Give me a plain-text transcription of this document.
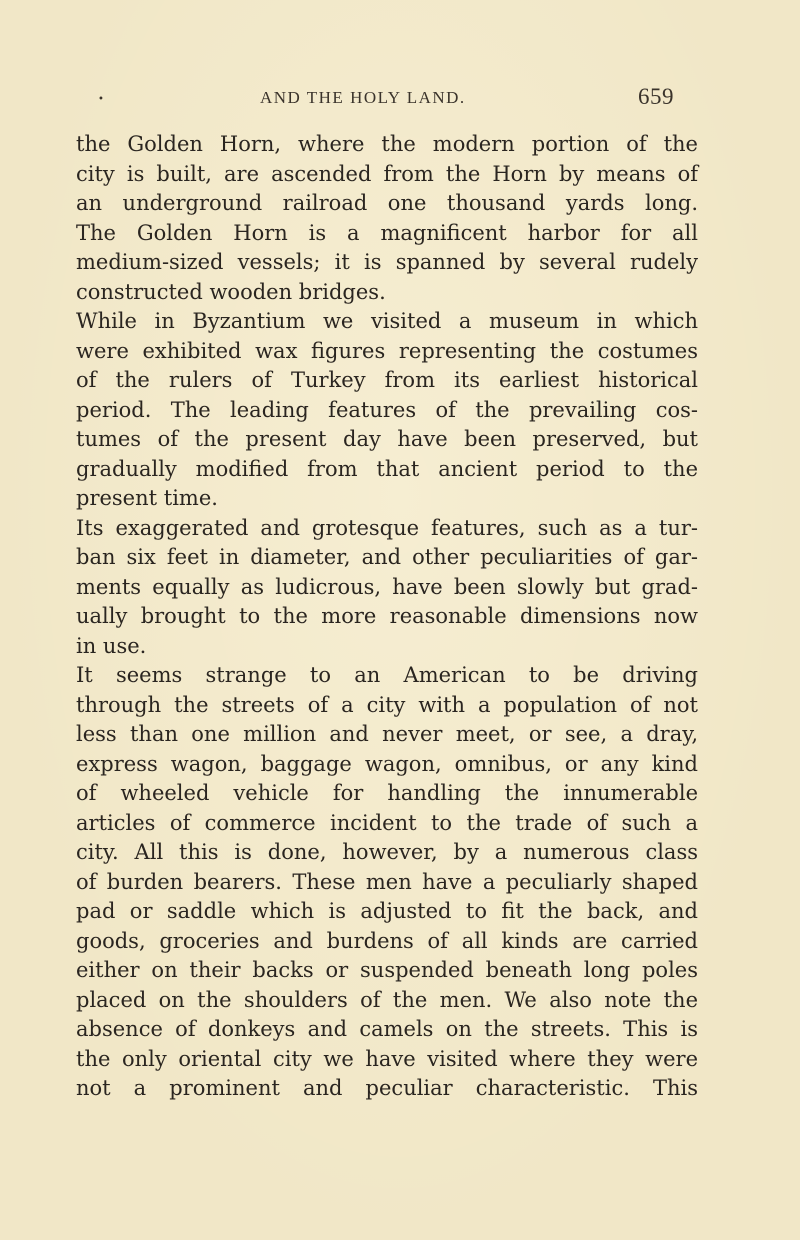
•	AND THE HOLY LAND.	659
the Golden Horn, where the modern portion of the
city is built, are ascended from the Horn by means of
an underground railroad one thousand yards long.
The Golden Horn is a magnificent harbor for all
medium-sized vessels; it is spanned by several rudely
constructed wooden bridges.
While in Byzantium we visited a museum in which
were exhibited wax figures representing the costumes
of the rulers of Turkey from its earliest historical
period. The leading features of the prevailing cos-
tumes of the present day have been preserved, but
gradually modified from that ancient period to the
present time.
Its exaggerated and grotesque features, such as a tur-
ban six feet in diameter, and other peculiarities of gar-
ments equally as ludicrous, have been slowly but grad-
ually brought to the more reasonable dimensions now
in use.
It seems strange to an American to be driving
through the streets of a city with a population of not
less than one million and never meet, or see, a dray,
express wagon, baggage wagon, omnibus, or any kind
of wheeled vehicle for handling the innumerable
articles of commerce incident to the trade of such a
city. All this is done, however, by a numerous class
of burden bearers. These men have a peculiarly shaped
pad or saddle which is adjusted to fit the back, and
goods, groceries and burdens of all kinds are carried
either on their backs or suspended beneath long poles
placed on the shoulders of the men. We also note the
absence of donkeys and camels on the streets. This is
the only oriental city we have visited where they were
not a prominent and peculiar characteristic. This
